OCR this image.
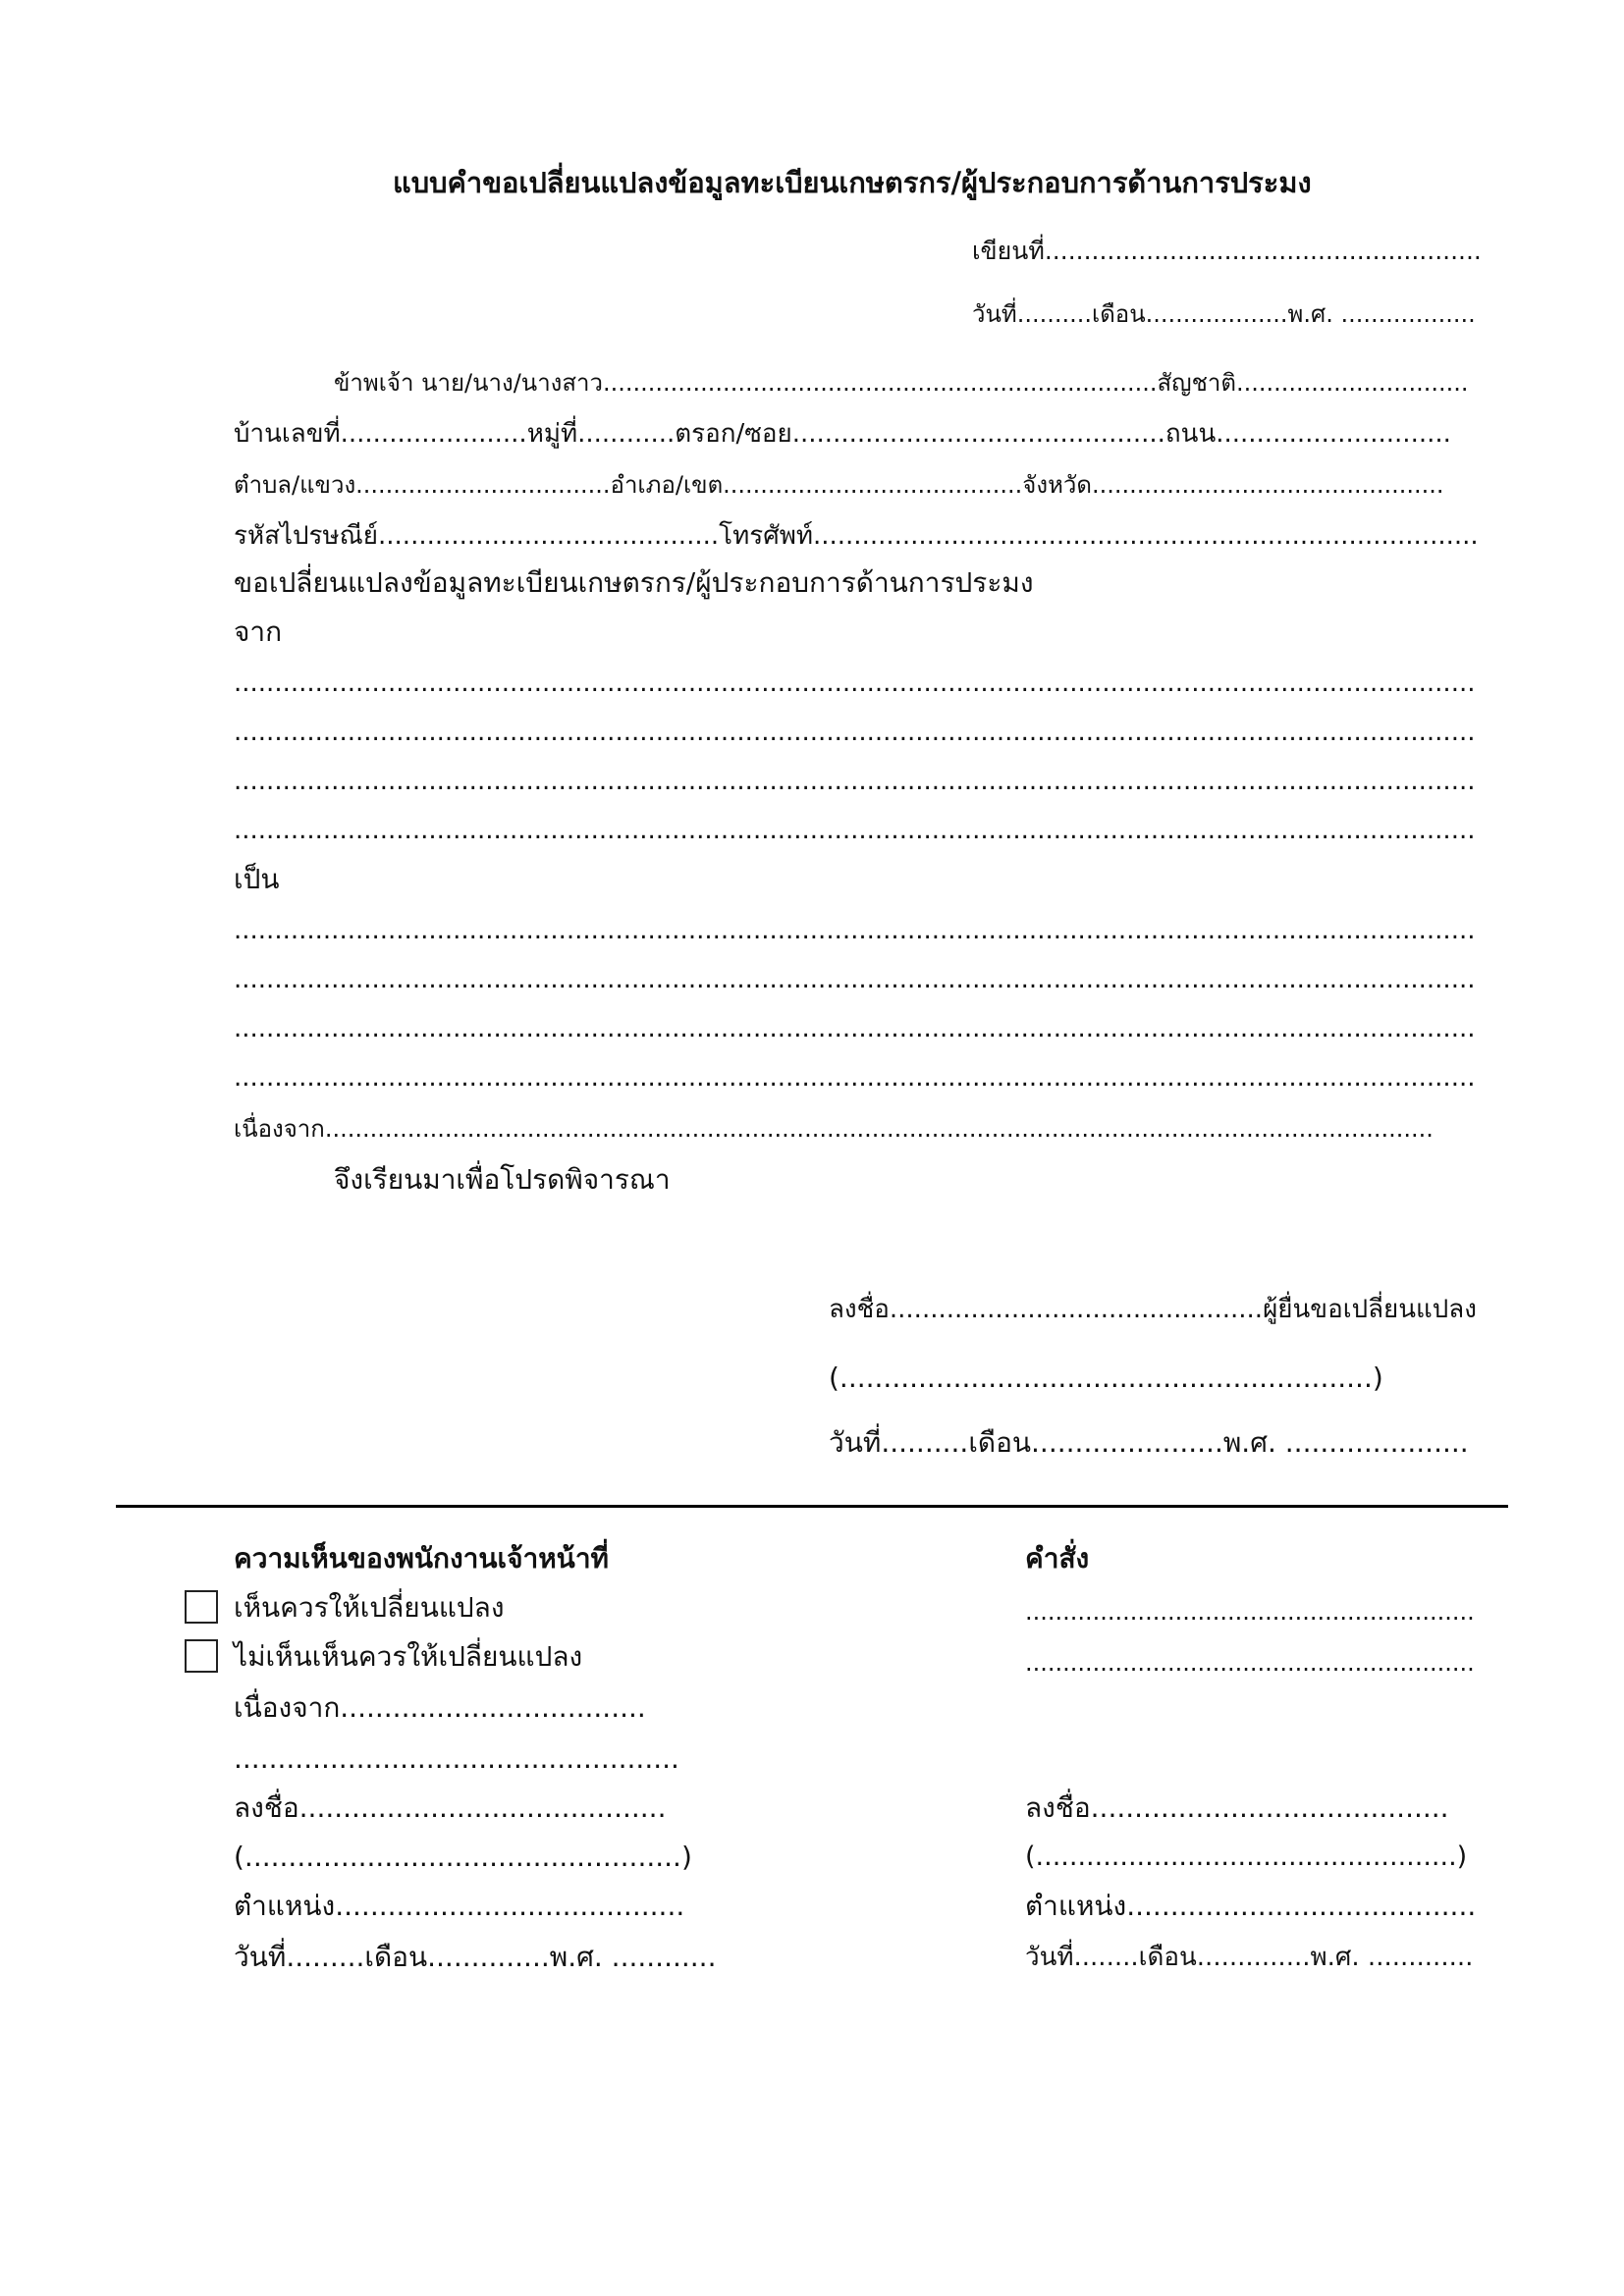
แบบคำขอเปลี่ยนแปลงข้อมูลทะเบียนเกษตรกร/ผู้ประกอบการด้านการประมง
เขียนที่........................................................
วันที่..........เดือน...................พ.ศ. ..................
ข้าพเจ้า นาย/นาง/นางสาว..........................................................................สัญชาติ...............................
บ้านเลขที่.......................หมู่ที่............ตรอก/ซอย..............................................ถนน.............................
ตำบล/แขวง..................................อำเภอ/เขต........................................จังหวัด...............................................
รหัสไปรษณีย์..........................................โทรศัพท์..................................................................................
ขอเปลี่ยนแปลงข้อมูลทะเบียนเกษตรกร/ผู้ประกอบการด้านการประมง
จาก
.........................................................................................................................................................
.........................................................................................................................................................
.........................................................................................................................................................
.........................................................................................................................................................
เป็น
.........................................................................................................................................................
.........................................................................................................................................................
.........................................................................................................................................................
.........................................................................................................................................................
เนื่องจาก....................................................................................................................................................
จึงเรียนมาเพื่อโปรดพิจารณา
ลงชื่อ..............................................ผู้ยื่นขอเปลี่ยนแปลง
(.............................................................)
วันที่..........เดือน......................พ.ศ. .....................
ความเห็นของพนักงานเจ้าหน้าที่
เห็นควรให้เปลี่ยนแปลง
ไม่เห็นเห็นควรให้เปลี่ยนแปลง
เนื่องจาก...................................
...................................................
ลงชื่อ..........................................
(..................................................)
ตำแหน่ง........................................
วันที่.........เดือน..............พ.ศ. ............
คำสั่ง
............................................................
............................................................
ลงชื่อ.........................................
(..................................................)
ตำแหน่ง........................................
วันที่........เดือน..............พ.ศ. .............
